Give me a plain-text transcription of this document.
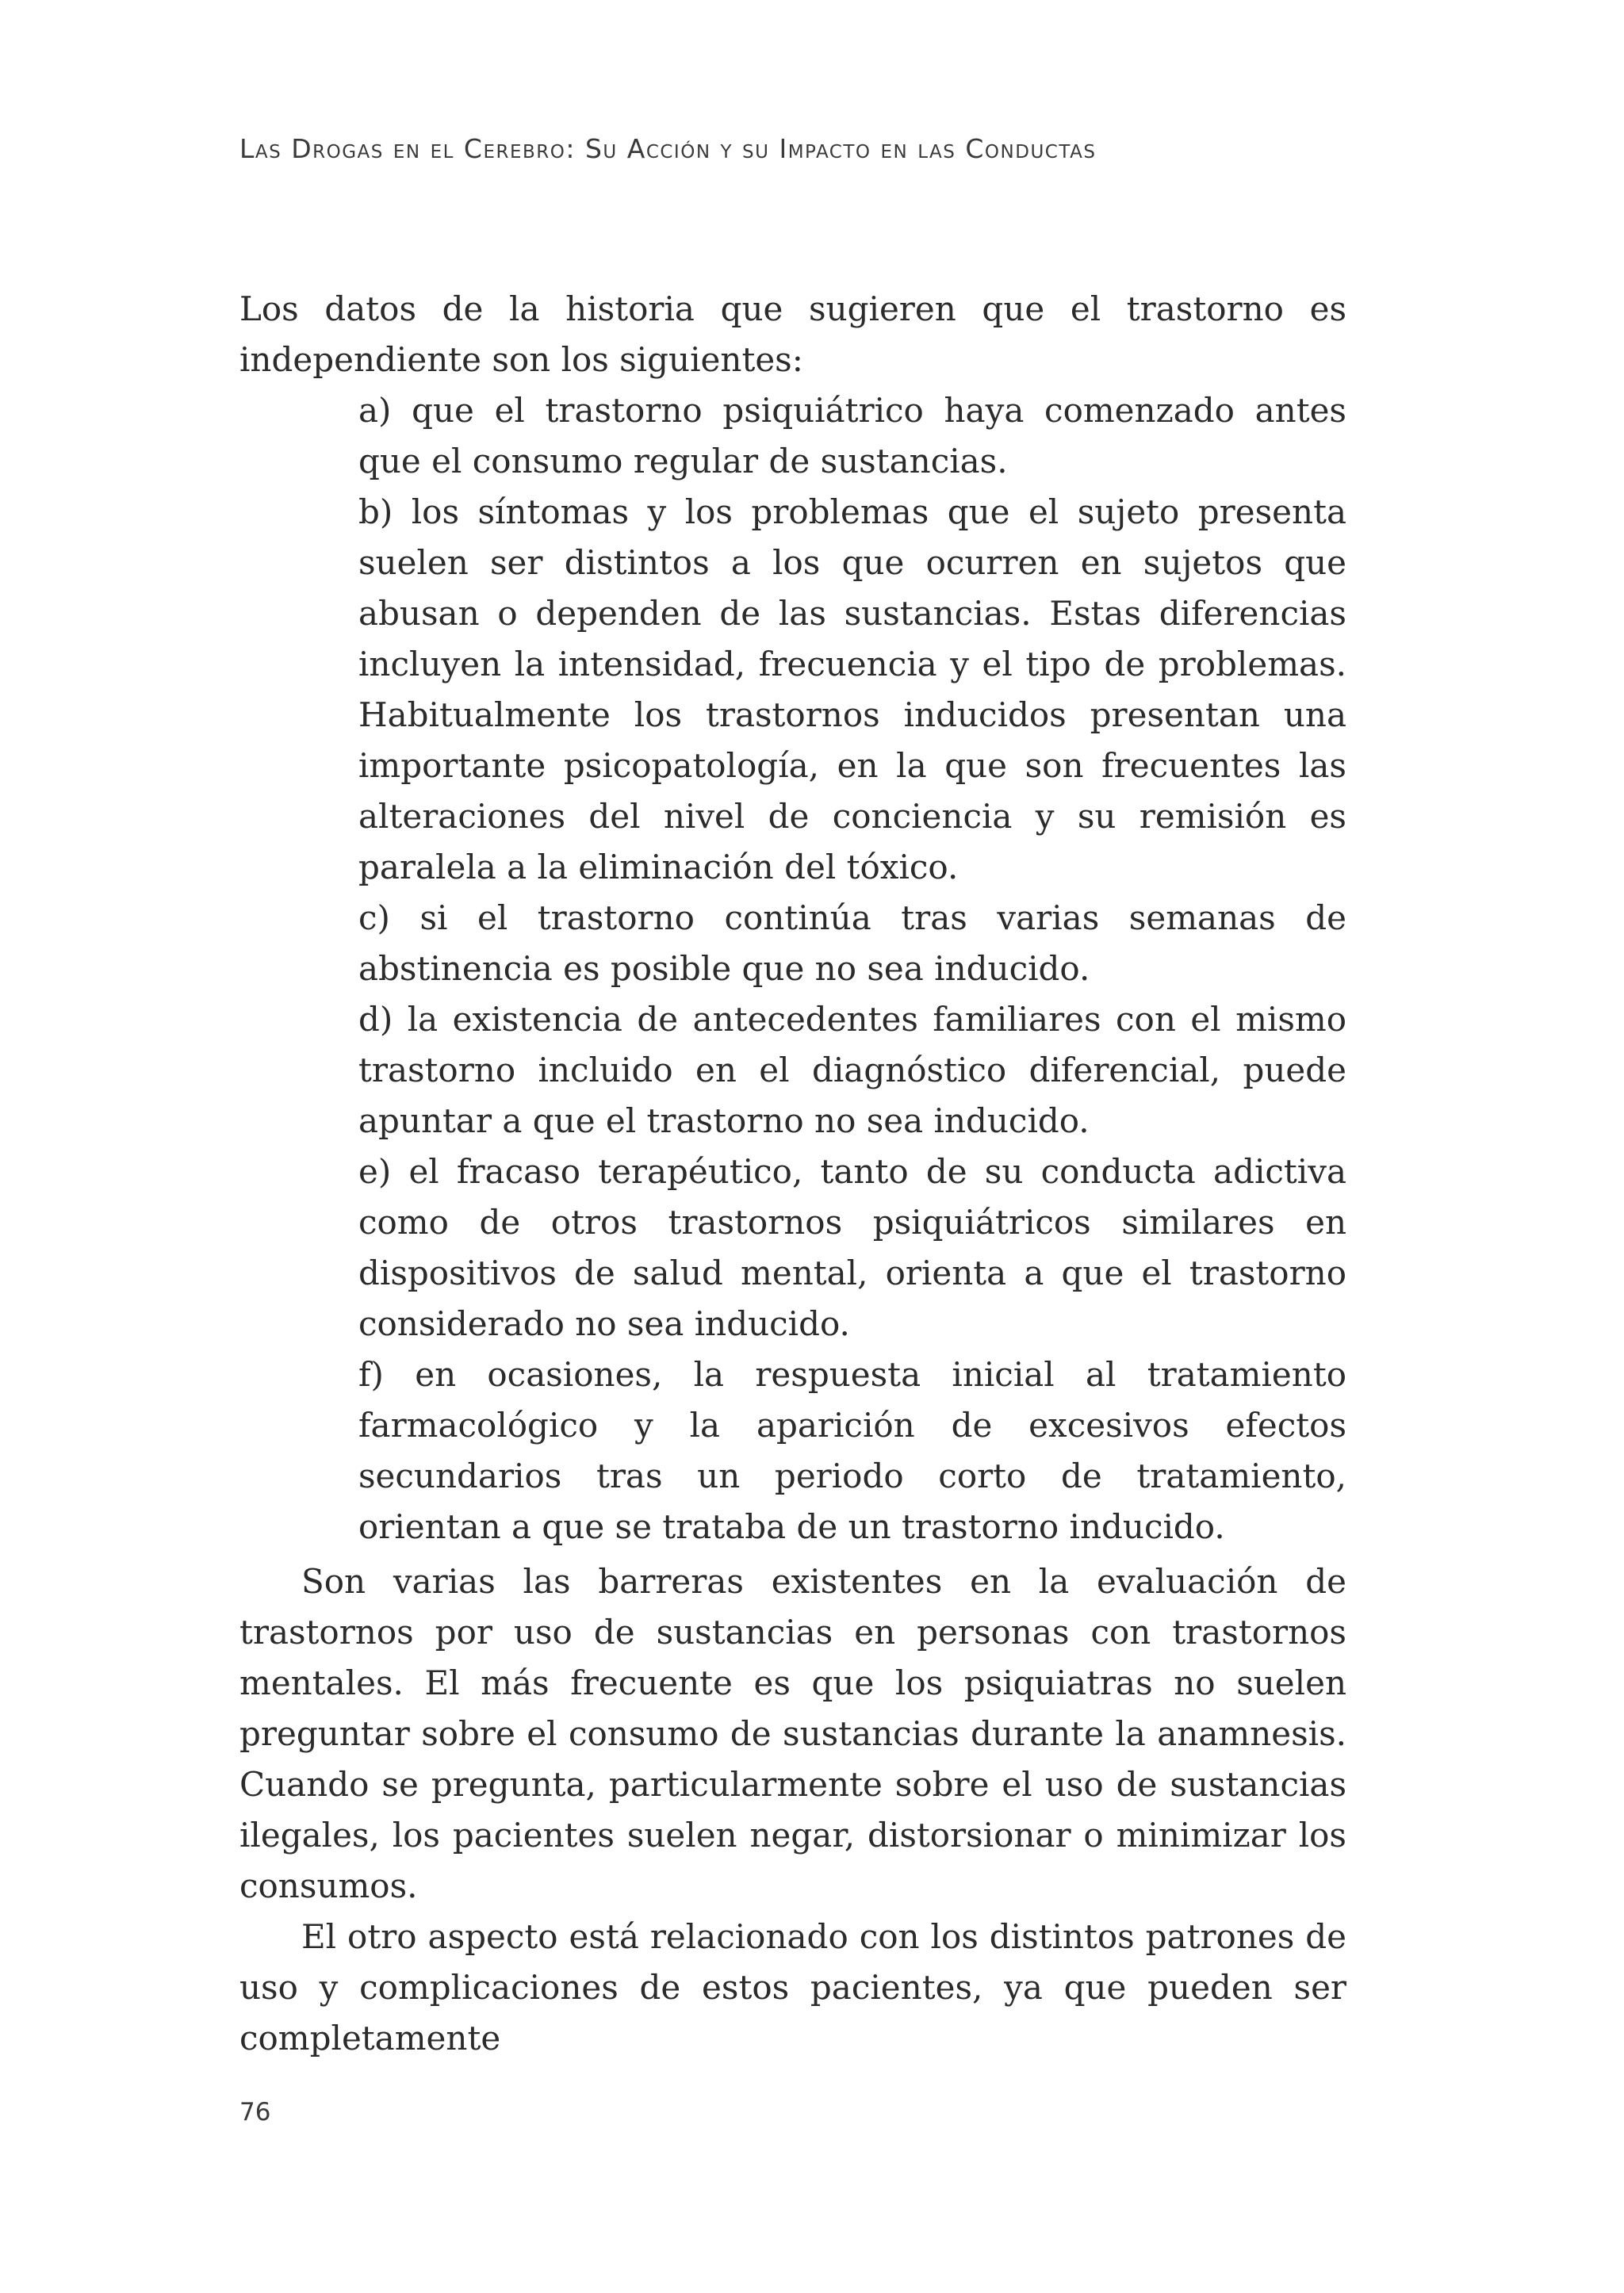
Las Drogas en el Cerebro: Su Acción y su Impacto en las Conductas

Los datos de la historia que sugieren que el trastorno es independiente son los siguientes:

a) que el trastorno psiquiátrico haya comenzado antes que el consumo regular de sustancias.
b) los síntomas y los problemas que el sujeto presenta suelen ser distintos a los que ocurren en sujetos que abusan o dependen de las sustancias. Estas diferencias incluyen la intensidad, frecuencia y el tipo de problemas. Habitualmente los trastornos inducidos presentan una importante psicopatología, en la que son frecuentes las alteraciones del nivel de conciencia y su remisión es paralela a la eliminación del tóxico.
c) si el trastorno continúa tras varias semanas de abstinencia es posible que no sea inducido.
d) la existencia de antecedentes familiares con el mismo trastorno incluido en el diagnóstico diferencial, puede apuntar a que el trastorno no sea inducido.
e) el fracaso terapéutico, tanto de su conducta adictiva como de otros trastornos psiquiátricos similares en dispositivos de salud mental, orienta a que el trastorno considerado no sea inducido.
f) en ocasiones, la respuesta inicial al tratamiento farmacológico y la aparición de excesivos efectos secundarios tras un periodo corto de tratamiento, orientan a que se trataba de un trastorno inducido.

Son varias las barreras existentes en la evaluación de trastornos por uso de sustancias en personas con trastornos mentales. El más frecuente es que los psiquiatras no suelen preguntar sobre el consumo de sustancias durante la anamnesis. Cuando se pregunta, particularmente sobre el uso de sustancias ilegales, los pacientes suelen negar, distorsionar o minimizar los consumos.

El otro aspecto está relacionado con los distintos patrones de uso y complicaciones de estos pacientes, ya que pueden ser completamente

76
